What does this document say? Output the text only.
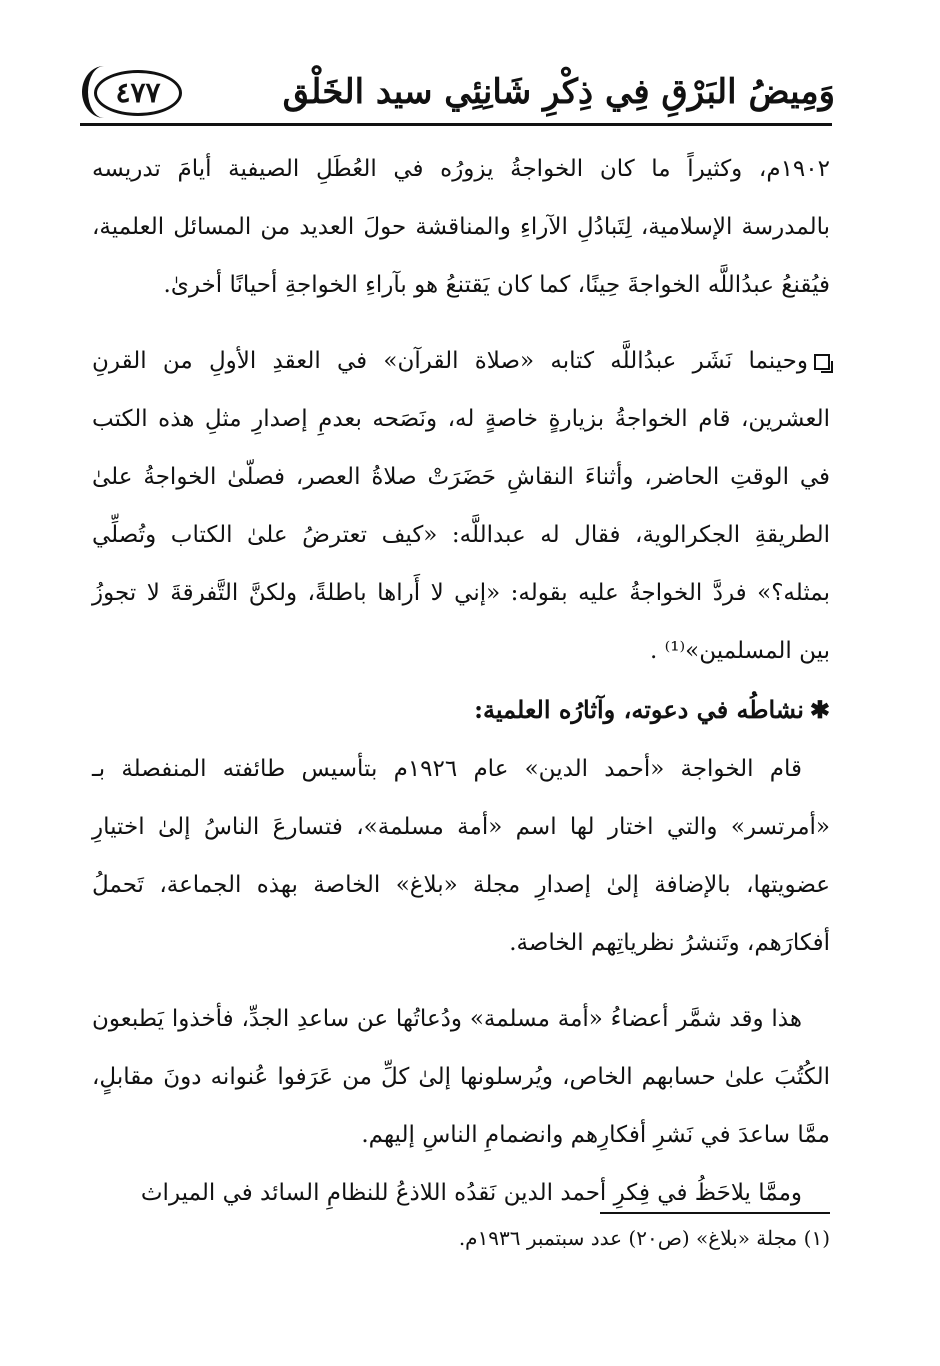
وَمِيضُ البَرْقِ فِي ذِكْرِ شَانِئِي سيد الخَلْق
٤٧٧

١٩٠٢م، وكثيراً ما كان الخواجةُ يزورُه في العُطَلِ الصيفية أيامَ تدريسه بالمدرسة الإسلامية، لِتَبادُلِ الآراءِ والمناقشة حولَ العديد من المسائل العلمية، فيُقنعُ عبدُاللَّه الخواجةَ حِينًا، كما كان يَقتنعُ هو بآراءِ الخواجةِ أحيانًا أخرىٰ.

وحينما نَشَر عبدُاللَّه كتابه «صلاة القرآن» في العقدِ الأولِ من القرنِ العشرين، قام الخواجةُ بزيارةٍ خاصةٍ له، ونَصَحه بعدمِ إصدارِ مثلِ هذه الكتب في الوقتِ الحاضر، وأثناءَ النقاشِ حَضَرَتْ صلاةُ العصر، فصلّىٰ الخواجةُ علىٰ الطريقةِ الجكرالوية، فقال له عبداللَّه: «كيف تعترضُ علىٰ الكتاب وتُصلِّي بمثله؟» فردَّ الخواجةُ عليه بقوله: «إني لا أَراها باطلةً، ولكنَّ التَّفرقةَ لا تجوزُ بين المسلمين»⁽¹⁾ .

✱نشاطُه في دعوته، وآثارُه العلمية:

قام الخواجة «أحمد الدين» عام ١٩٢٦م بتأسيس طائفته المنفصلة بـ «أمرتسر» والتي اختار لها اسم «أمة مسلمة»، فتسارعَ الناسُ إلىٰ اختيارِ عضويتها، بالإضافة إلىٰ إصدارِ مجلة «بلاغ» الخاصة بهذه الجماعة، تَحملُ أفكارَهم، وتَنشرُ نظرياتِهم الخاصة.

هذا وقد شمَّر أعضاءُ «أمة مسلمة» ودُعاتُها عن ساعدِ الجدِّ، فأخذوا يَطبعون الكُتُبَ علىٰ حسابهم الخاص، ويُرسلونها إلىٰ كلِّ من عَرَفوا عُنوانه دونَ مقابلٍ، ممَّا ساعدَ في نَشرِ أفكارِهم وانضمامِ الناسِ إليهم.

وممَّا يلاحَظُ في فِكرِ أحمد الدين نَقدُه اللاذعُ للنظامِ السائد في الميراث

(١) مجلة «بلاغ» (ص٢٠) عدد سبتمبر ١٩٣٦م.
